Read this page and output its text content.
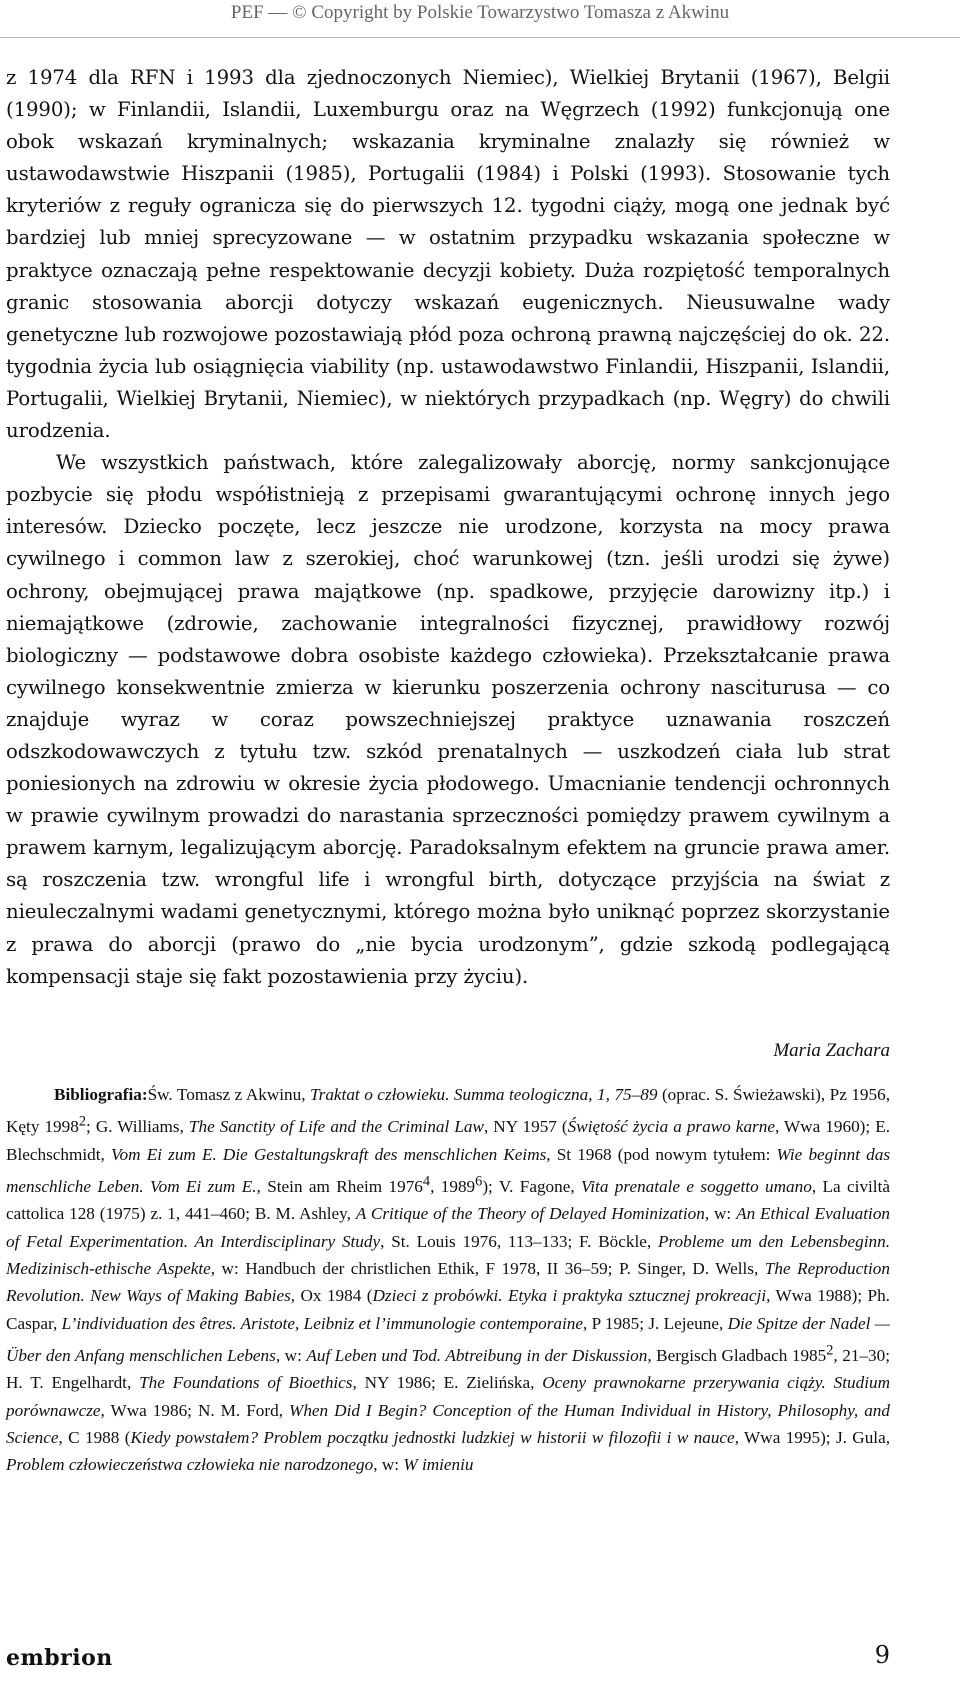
PEF — © Copyright by Polskie Towarzystwo Tomasza z Akwinu

z 1974 dla RFN i 1993 dla zjednoczonych Niemiec), Wielkiej Brytanii (1967), Belgii (1990); w Finlandii, Islandii, Luxemburgu oraz na Węgrzech (1992) funkcjonują one obok wskazań kryminalnych; wskazania kryminalne znalazły się również w ustawodawstwie Hiszpanii (1985), Portugalii (1984) i Polski (1993). Stosowanie tych kryteriów z reguły ogranicza się do pierwszych 12. tygodni ciąży, mogą one jednak być bardziej lub mniej sprecyzowane — w ostatnim przypadku wskazania społeczne w praktyce oznaczają pełne respektowanie decyzji kobiety. Duża rozpiętość temporalnych granic stosowania aborcji dotyczy wskazań eugenicznych. Nieusuwalne wady genetyczne lub rozwojowe pozostawiają płód poza ochroną prawną najczęściej do ok. 22. tygodnia życia lub osiągnięcia viability (np. ustawodawstwo Finlandii, Hiszpanii, Islandii, Portugalii, Wielkiej Brytanii, Niemiec), w niektórych przypadkach (np. Węgry) do chwili urodzenia.

We wszystkich państwach, które zalegalizowały aborcję, normy sankcjonujące pozbycie się płodu współistnieją z przepisami gwarantującymi ochronę innych jego interesów. Dziecko poczęte, lecz jeszcze nie urodzone, korzysta na mocy prawa cywilnego i common law z szerokiej, choć warunkowej (tzn. jeśli urodzi się żywe) ochrony, obejmującej prawa majątkowe (np. spadkowe, przyjęcie darowizny itp.) i niemajątkowe (zdrowie, zachowanie integralności fizycznej, prawidłowy rozwój biologiczny — podstawowe dobra osobiste każdego człowieka). Przekształcanie prawa cywilnego konsekwentnie zmierza w kierunku poszerzenia ochrony nasciturusa — co znajduje wyraz w coraz powszechniejszej praktyce uznawania roszczeń odszkodowawczych z tytułu tzw. szkód prenatalnych — uszkodzeń ciała lub strat poniesionych na zdrowiu w okresie życia płodowego. Umacnianie tendencji ochronnych w prawie cywilnym prowadzi do narastania sprzeczności pomiędzy prawem cywilnym a prawem karnym, legalizującym aborcję. Paradoksalnym efektem na gruncie prawa amer. są roszczenia tzw. wrongful life i wrongful birth, dotyczące przyjścia na świat z nieuleczalnymi wadami genetycznymi, którego można było uniknąć poprzez skorzystanie z prawa do aborcji (prawo do „nie bycia urodzonym”, gdzie szkodą podlegającą kompensacji staje się fakt pozostawienia przy życiu).

Maria Zachara
Bibliografia:Św. Tomasz z Akwinu, Traktat o człowieku. Summa teologiczna, 1, 75–89 (oprac. S. Świeżawski), Pz 1956, Kęty 1998$^2$; G. Williams, The Sanctity of Life and the Criminal Law, NY 1957 (Świętość życia a prawo karne, Wwa 1960); E. Blechschmidt, Vom Ei zum E. Die Gestaltungskraft des menschlichen Keims, St 1968 (pod nowym tytułem: Wie beginnt das menschliche Leben. Vom Ei zum E., Stein am Rheim 1976$^4$, 1989$^6$); V. Fagone, Vita prenatale e soggetto umano, La civiltà cattolica 128 (1975) z. 1, 441–460; B. M. Ashley, A Critique of the Theory of Delayed Hominization, w: An Ethical Evaluation of Fetal Experimentation. An Interdisciplinary Study, St. Louis 1976, 113–133; F. Böckle, Probleme um den Lebensbeginn. Medizinisch-ethische Aspekte, w: Handbuch der christlichen Ethik, F 1978, II 36–59; P. Singer, D. Wells, The Reproduction Revolution. New Ways of Making Babies, Ox 1984 (Dzieci z probówki. Etyka i praktyka sztucznej prokreacji, Wwa 1988); Ph. Caspar, L’individuation des êtres. Aristote, Leibniz et l’immunologie contemporaine, P 1985; J. Lejeune, Die Spitze der Nadel — Über den Anfang menschlichen Lebens, w: Auf Leben und Tod. Abtreibung in der Diskussion, Bergisch Gladbach 1985$^2$, 21–30; H. T. Engelhardt, The Foundations of Bioethics, NY 1986; E. Zielińska, Oceny prawnokarne przerywania ciąży. Studium porównawcze, Wwa 1986; N. M. Ford, When Did I Begin? Conception of the Human Individual in History, Philosophy, and Science, C 1988 (Kiedy powstałem? Problem początku jednostki ludzkiej w historii w filozofii i w nauce, Wwa 1995); J. Gula, Problem człowieczeństwa człowieka nie narodzonego, w: W imieniu
embrion	9
